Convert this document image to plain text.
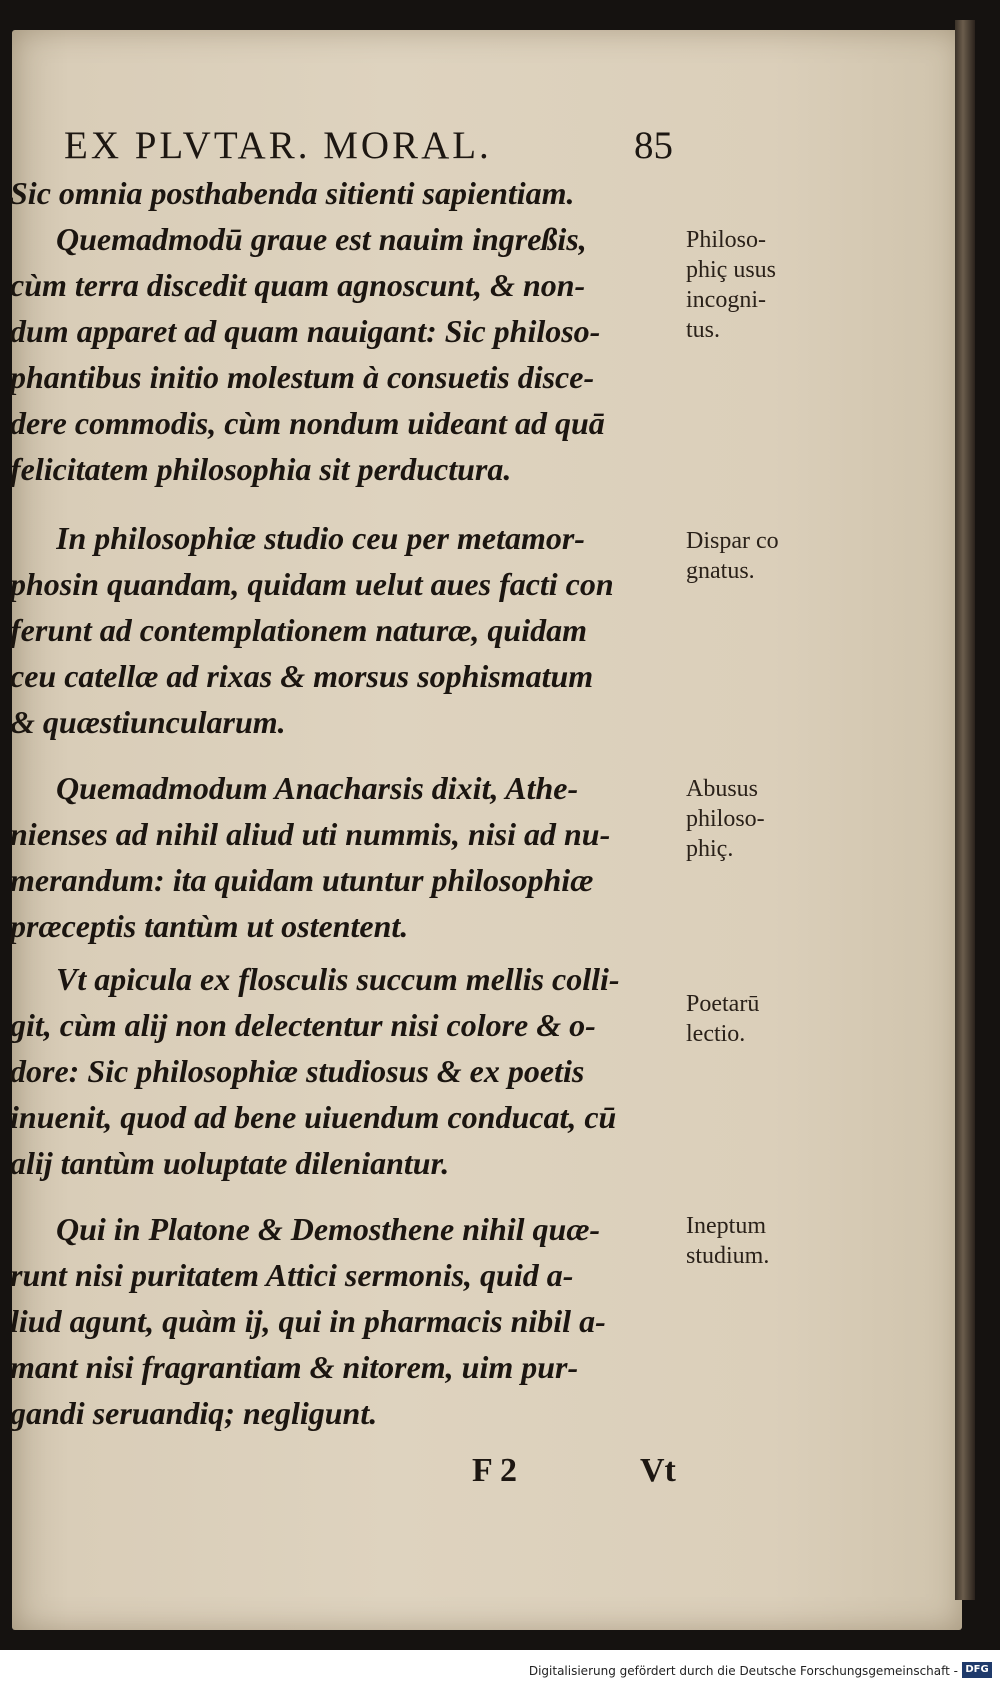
EX PLVTAR. MORAL.	85
Sic omnia posthabenda sitienti sapientiam.
Quemadmodū graue est nauim ingreßis,
cùm terra discedit quam agnoscunt, & non-
dum apparet ad quam nauigant: Sic philoso-
phantibus initio molestum à consuetis disce-
dere commodis, cùm nondum uideant ad quā
felicitatem philosophia sit perductura.
In philosophiæ studio ceu per metamor-
phosin quandam, quidam uelut aues facti con
ferunt ad contemplationem naturæ, quidam
ceu catellæ ad rixas & morsus sophismatum
& quæstiuncularum.
Quemadmodum Anacharsis dixit, Athe-
nienses ad nihil aliud uti nummis, nisi ad nu-
merandum: ita quidam utuntur philosophiæ
præceptis tantùm ut ostentent.
Vt apicula ex flosculis succum mellis colli-
git, cùm alij non delectentur nisi colore & o-
dore: Sic philosophiæ studiosus & ex poetis
inuenit, quod ad bene uiuendum conducat, cū
alij tantùm uoluptate dileniantur.
Qui in Platone & Demosthene nihil quæ-
runt nisi puritatem Attici sermonis, quid a-
liud agunt, quàm ij, qui in pharmacis nibil a-
mant nisi fragrantiam & nitorem, uim pur-
gandi seruandiq; negligunt.
Philoso-
phiç usus
incogni-
tus.
Dispar co
gnatus.
Abusus
philoso-
phiç.
Poetarū
lectio.
Ineptum
studium.
F 2	Vt
Digitalisierung gefördert durch die Deutsche Forschungsgemeinschaft - DFG
